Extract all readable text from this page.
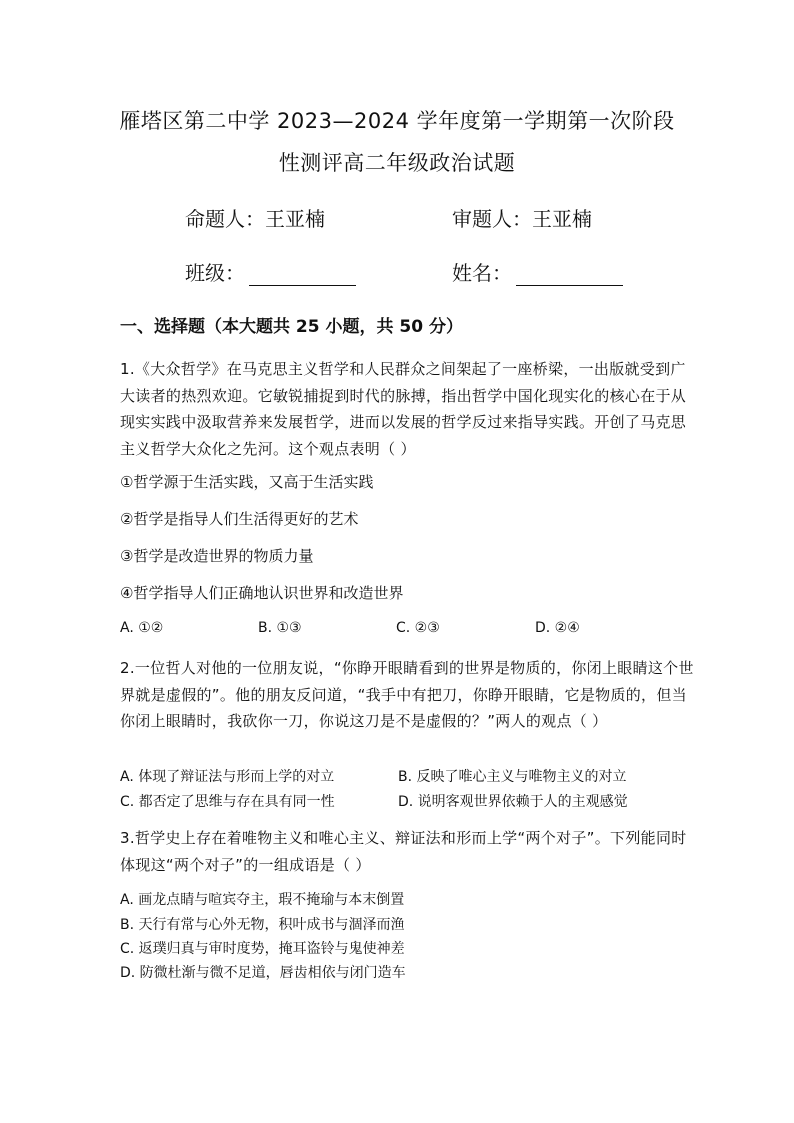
雁塔区第二中学 2023—2024 学年度第一学期第一次阶段
性测评高二年级政治试题
命题人：王亚楠	审题人：王亚楠
班级：	姓名：
一、选择题（本大题共 25 小题，共 50 分）
1.《大众哲学》在马克思主义哲学和人民群众之间架起了一座桥梁，一出版就受到广大读者的热烈欢迎。它敏锐捕捉到时代的脉搏，指出哲学中国化现实化的核心在于从现实实践中汲取营养来发展哲学，进而以发展的哲学反过来指导实践。开创了马克思主义哲学大众化之先河。这个观点表明（ ）
①哲学源于生活实践，又高于生活实践
②哲学是指导人们生活得更好的艺术
③哲学是改造世界的物质力量
④哲学指导人们正确地认识世界和改造世界
A. ①②	B. ①③	C. ②③	D. ②④
2.一位哲人对他的一位朋友说，“你睁开眼睛看到的世界是物质的，你闭上眼睛这个世界就是虚假的”。他的朋友反问道，“我手中有把刀，你睁开眼睛，它是物质的，但当你闭上眼睛时，我砍你一刀，你说这刀是不是虚假的？”两人的观点（ ）
A. 体现了辩证法与形而上学的对立	B. 反映了唯心主义与唯物主义的对立
C. 都否定了思维与存在具有同一性	D. 说明客观世界依赖于人的主观感觉
3.哲学史上存在着唯物主义和唯心主义、辩证法和形而上学“两个对子”。下列能同时体现这“两个对子”的一组成语是（ ）
A. 画龙点睛与喧宾夺主，瑕不掩瑜与本末倒置
B. 天行有常与心外无物，积叶成书与涸泽而渔
C. 返璞归真与审时度势，掩耳盗铃与鬼使神差
D. 防微杜渐与微不足道，唇齿相依与闭门造车
